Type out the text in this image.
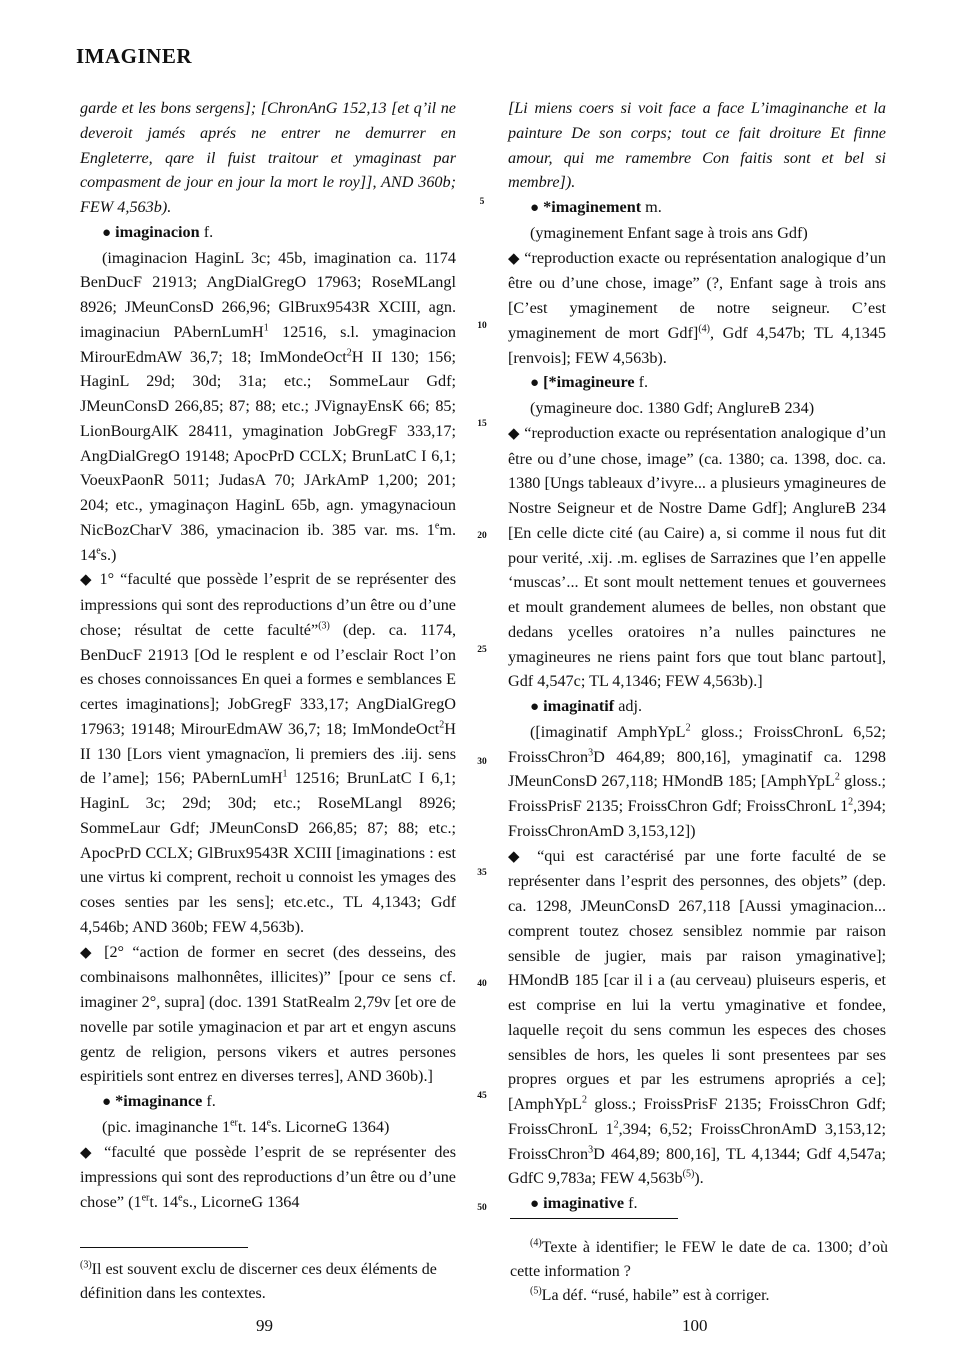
IMAGINER

garde et les bons sergens]; [ChronAnG 152,13 [et q’il ne deveroit jamés aprés ne entrer ne demurrer en Engleterre, qare il fuist traitour et ymaginast par compasment de jour en jour la mort le roy]], AND 360b; FEW 4,563b).

● imaginacion f.

(imaginacion HaginL 3c; 45b, imagination ca. 1174 BenDucF 21913; AngDialGregO 17963; RoseMLangl 8926; JMeunConsD 266,96; GlBrux9543R XCIII, agn. imaginaciun PAbernLumH$^1$ 12516, s.l. ymaginacion MirourEdmAW 36,7; 18; ImMondeOct$^2$H II 130; 156; HaginL 29d; 30d; 31a; etc.; SommeLaur Gdf; JMeunConsD 266,85; 87; 88; etc.; JVignayEnsK 66; 85; LionBourgAlK 28411, ymagination JobGregF 333,17; AngDialGregO 19148; ApocPrD CCLX; BrunLatC I 6,1; VoeuxPaonR 5011; JudasA 70; JArkAmP 1,200; 201; 204; etc., ymaginaçon HaginL 65b, agn. ymagynacioun NicBozCharV 386, ymacinacion ib. 385 var. ms. 1em. 14es.)

◆ 1° “faculté que possède l’esprit de se représenter des impressions qui sont des reproductions d’un être ou d’une chose; résultat de cette faculté”$^{(3)}$ (dep. ca. 1174, BenDucF 21913 [Od le resplent e od l’esclair Roct l’on es choses connoissances En quei a formes e semblances E certes imaginations]; JobGregF 333,17; AngDialGregO 17963; 19148; MirourEdmAW 36,7; 18; ImMondeOct$^2$H II 130 [Lors vient ymagnacïon, li premiers des .iij. sens de l’ame]; 156; PAbernLumH$^1$ 12516; BrunLatC I 6,1; HaginL 3c; 29d; 30d; etc.; RoseMLangl 8926; SommeLaur Gdf; JMeunConsD 266,85; 87; 88; etc.; ApocPrD CCLX; GlBrux9543R XCIII [imaginations : est une virtus ki comprent, rechoit u connoist les ymages des coses senties par les sens]; etc.etc., TL 4,1343; Gdf 4,546b; AND 360b; FEW 4,563b).

◆ [2° “action de former en secret (des desseins, des combinaisons malhonnêtes, illicites)” [pour ce sens cf. imaginer 2°, supra] (doc. 1391 StatRealm 2,79v [et ore de novelle par sotile ymaginacion et par art et engyn ascuns gentz de religion, persons vikers et autres persones espiritiels sont entrez en diverses terres], AND 360b).]

● *imaginance f.

(pic. imaginanche 1ert. 14es. LicorneG 1364)

◆ “faculté que possède l’esprit de se représenter des impressions qui sont des reproductions d’un être ou d’une chose” (1ert. 14es., LicorneG 1364

$^{(3)}$Il est souvent exclu de discerner ces deux éléments de définition dans les contextes.
99
5
10
15
20
25
30
35
40
45
50

[Li miens coers si voit face a face L’imaginanche et la painture De son corps; tout ce fait droiture Et finne amour, qui me ramembre Con faitis sont et bel si membre]).

● *imaginement m.

(ymaginement Enfant sage à trois ans Gdf)

◆ “reproduction exacte ou représentation analogique d’un être ou d’une chose, image” (?, Enfant sage à trois ans [C’est ymaginement de notre seigneur. C’est ymaginement de mort Gdf]$^{(4)}$, Gdf 4,547b; TL 4,1345 [renvois]; FEW 4,563b).

● [*imagineure f.

(ymagineure doc. 1380 Gdf; AnglureB 234)

◆ “reproduction exacte ou représentation analogique d’un être ou d’une chose, image” (ca. 1380; ca. 1398, doc. ca. 1380 [Ungs tableaux d’ivyre... a plusieurs ymagineures de Nostre Seigneur et de Nostre Dame Gdf]; AnglureB 234 [En celle dicte cité (au Caire) a, si comme il nous fut dit pour verité, .xij. .m. eglises de Sarrazines que l’en appelle ‘muscas’... Et sont moult nettement tenues et gouvernees et moult grandement alumees de belles, non obstant que dedans ycelles oratoires n’a nulles painctures ne ymagineures ne riens paint fors que tout blanc partout], Gdf 4,547c; TL 4,1346; FEW 4,563b).]

● imaginatif adj.

([imaginatif AmphYpL$^2$ gloss.; FroissChronL 6,52; FroissChron$^3$D 464,89; 800,16], ymaginatif ca. 1298 JMeunConsD 267,118; HMondB 185; [AmphYpL$^2$ gloss.; FroissPrisF 2135; FroissChron Gdf; FroissChronL $1^2,394$; FroissChronAmD 3,153,12])

◆ “qui est caractérisé par une forte faculté de se représenter dans l’esprit des personnes, des objets” (dep. ca. 1298, JMeunConsD 267,118 [Aussi ymaginacion... comprent toutez chosez sensiblez nommie par raison sensible de jugier, mais par raison ymaginative]; HMondB 185 [car il i a (au cerveau) pluiseurs esperis, et est comprise en lui la vertu ymaginative et fondee, laquelle reçoit du sens commun les especes des choses sensibles de hors, les queles li sont presentees par ses propres orgues et par les estrumens apropriés a ce]; [AmphYpL$^2$ gloss.; FroissPrisF 2135; FroissChron Gdf; FroissChronL $1^2,394$; 6,52; FroissChronAmD 3,153,12; FroissChron$^3$D 464,89; 800,16], TL 4,1344; Gdf 4,547a; GdfC 9,783a; FEW $4,563b^{(5)}$).

● imaginative f.

$^{(4)}$Texte à identifier; le FEW le date de ca. 1300; d’où cette information ?
$^{(5)}$La déf. “rusé, habile” est à corriger.
100
